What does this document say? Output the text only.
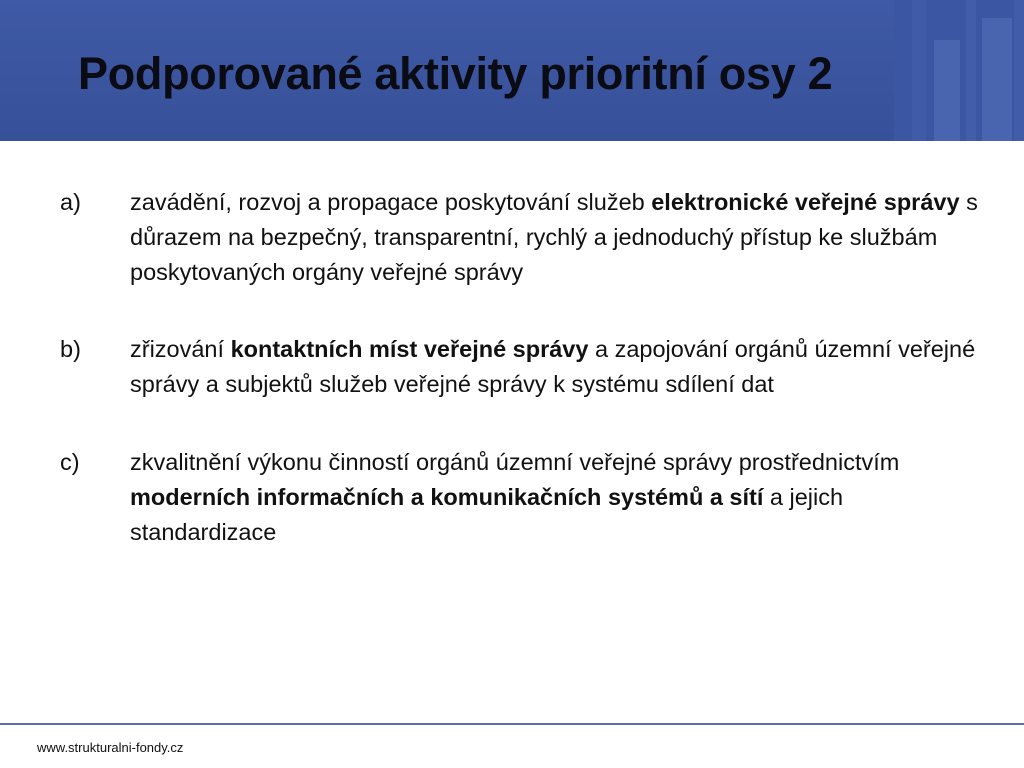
Podporované aktivity prioritní osy 2
a) zavádění, rozvoj a propagace poskytování služeb elektronické veřejné správy s důrazem na bezpečný, transparentní, rychlý a jednoduchý přístup ke službám poskytovaných orgány veřejné správy
b) zřizování kontaktních míst veřejné správy a zapojování orgánů územní veřejné správy a subjektů služeb veřejné správy k systému sdílení dat
c) zkvalitnění výkonu činností orgánů územní veřejné správy prostřednictvím moderních informačních a komunikačních systémů a sítí a jejich standardizace
www.strukturalni-fondy.cz
